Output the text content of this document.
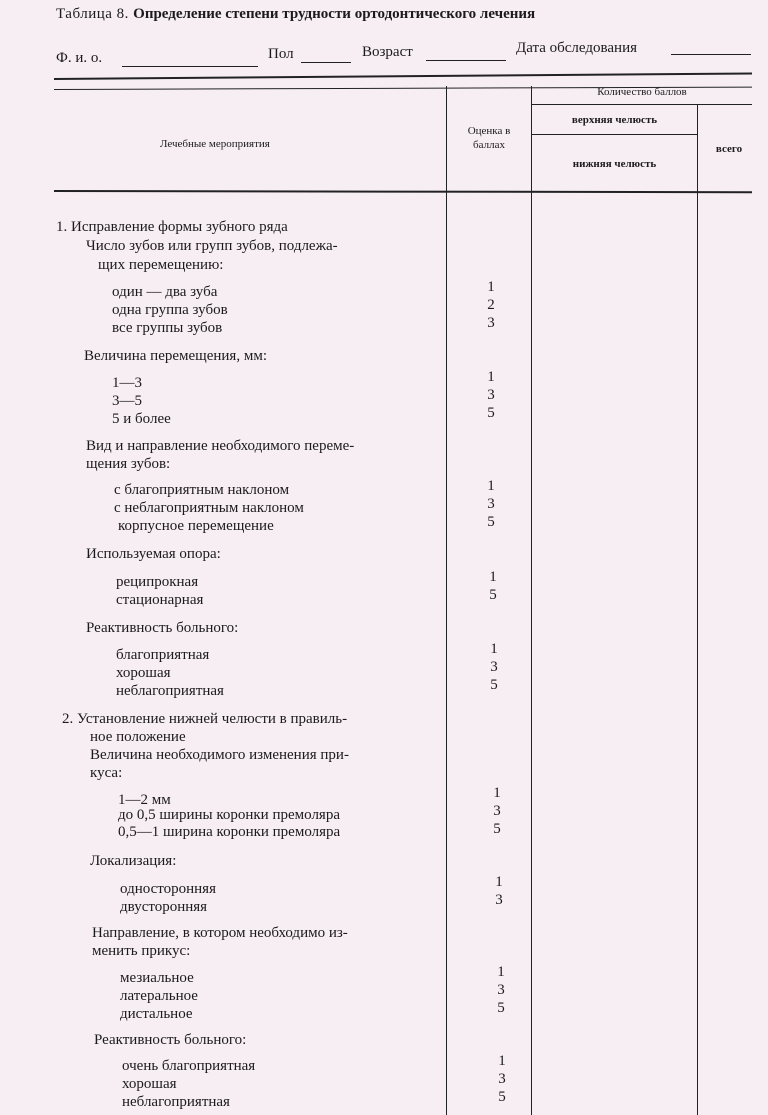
Таблица 8. Определение степени трудности ортодонтического лечения
Ф. и. о.	Пол	Возраст	Дата обследования
Лечебные мероприятия
Оценка в
баллах
Количество баллов
верхняя челюсть
нижняя челюсть
всего
1. Исправление формы зубного ряда
Число зубов или групп зубов, подлежа-
щих перемещению:
один — два зуба	1
одна группа зубов	2
все группы зубов	3
Величина перемещения, мм:
1—3	1
3—5	3
5 и более	5
Вид и направление необходимого переме-
щения зубов:
с благоприятным наклоном	1
с неблагоприятным наклоном	3
корпусное перемещение	5
Используемая опора:
реципрокная	1
стационарная	5
Реактивность больного:
благоприятная	1
хорошая	3
неблагоприятная	5
2. Установление нижней челюсти в правиль-
ное положение
Величина необходимого изменения при-
куса:
1—2 мм	1
до 0,5 ширины коронки премоляра	3
0,5—1 ширина коронки премоляра	5
Локализация:
односторонняя	1
двусторонняя	3
Направление, в котором необходимо из-
менить прикус:
мезиальное	1
латеральное	3
дистальное	5
Реактивность больного:
очень благоприятная	1
хорошая	3
неблагоприятная	5
